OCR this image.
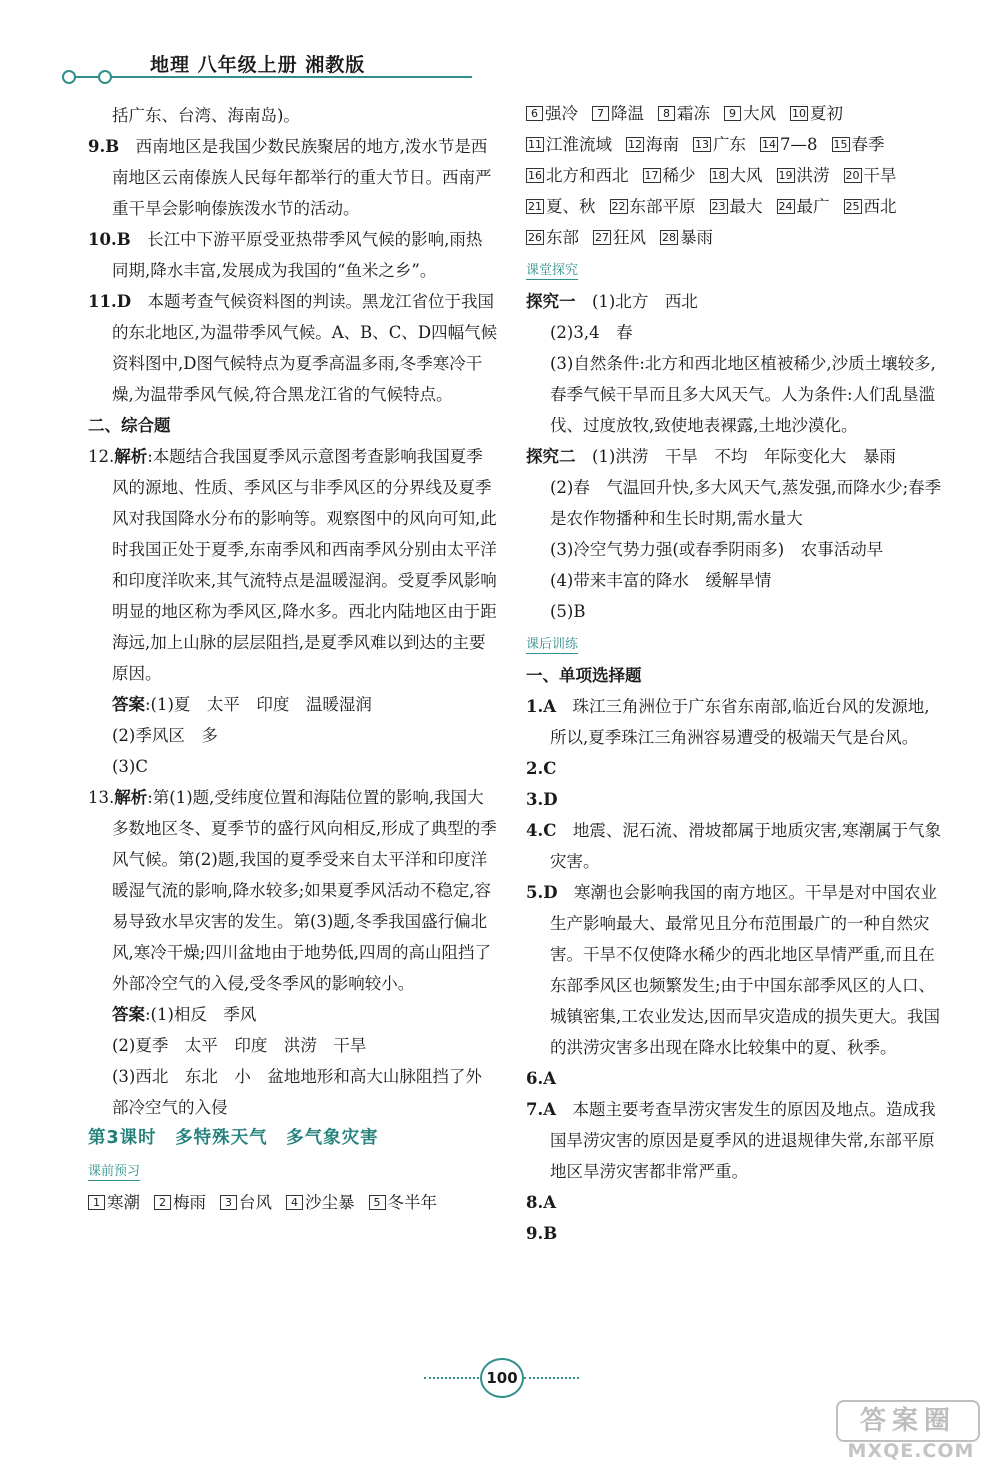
地理 八年级上册 湘教版

括广东、台湾、海南岛)。

9.B　西南地区是我国少数民族聚居的地方,泼水节是西南地区云南傣族人民每年都举行的重大节日。西南严重干旱会影响傣族泼水节的活动。

10.B　长江中下游平原受亚热带季风气候的影响,雨热同期,降水丰富,发展成为我国的“鱼米之乡”。

11.D　本题考查气候资料图的判读。黑龙江省位于我国的东北地区,为温带季风气候。A、B、C、D四幅气候资料图中,D图气候特点为夏季高温多雨,冬季寒冷干燥,为温带季风气候,符合黑龙江省的气候特点。

二、综合题

12.解析:本题结合我国夏季风示意图考查影响我国夏季风的源地、性质、季风区与非季风区的分界线及夏季风对我国降水分布的影响等。观察图中的风向可知,此时我国正处于夏季,东南季风和西南季风分别由太平洋和印度洋吹来,其气流特点是温暖湿润。受夏季风影响明显的地区称为季风区,降水多。西北内陆地区由于距海远,加上山脉的层层阻挡,是夏季风难以到达的主要原因。

答案:(1)夏　太平　印度　温暖湿润

(2)季风区　多

(3)C

13.解析:第(1)题,受纬度位置和海陆位置的影响,我国大多数地区冬、夏季节的盛行风向相反,形成了典型的季风气候。第(2)题,我国的夏季受来自太平洋和印度洋暖湿气流的影响,降水较多;如果夏季风活动不稳定,容易导致水旱灾害的发生。第(3)题,冬季我国盛行偏北风,寒冷干燥;四川盆地由于地势低,四周的高山阻挡了外部冷空气的入侵,受冬季风的影响较小。

答案:(1)相反　季风

(2)夏季　太平　印度　洪涝　干旱

(3)西北　东北　小　盆地地形和高大山脉阻挡了外部冷空气的入侵

第3课时　多特殊天气　多气象灾害

课前预习

1 寒潮 2 梅雨 3 台风 4 沙尘暴 5 冬半年

6 强冷 7 降温 8 霜冻 9 大风 10 夏初11 江淮流域 12 海南 13 广东 14 7—8 15 春季16 北方和西北 17 稀少 18 大风 19 洪涝 20 干旱21 夏、秋 22 东部平原 23 最大 24 最广 25 西北26 东部 27 狂风 28 暴雨

课堂探究

探究一　(1)北方　西北

(2)3,4　春

(3)自然条件:北方和西北地区植被稀少,沙质土壤较多,春季气候干旱而且多大风天气。人为条件:人们乱垦滥伐、过度放牧,致使地表裸露,土地沙漠化。

探究二　(1)洪涝　干旱　不均　年际变化大　暴雨

(2)春　气温回升快,多大风天气,蒸发强,而降水少;春季是农作物播种和生长时期,需水量大

(3)冷空气势力强(或春季阴雨多)　农事活动早

(4)带来丰富的降水　缓解旱情

(5)B

课后训练

一、单项选择题

1.A　珠江三角洲位于广东省东南部,临近台风的发源地,所以,夏季珠江三角洲容易遭受的极端天气是台风。

2.C

3.D

4.C　地震、泥石流、滑坡都属于地质灾害,寒潮属于气象灾害。

5.D　寒潮也会影响我国的南方地区。干旱是对中国农业生产影响最大、最常见且分布范围最广的一种自然灾害。干旱不仅使降水稀少的西北地区旱情严重,而且在东部季风区也频繁发生;由于中国东部季风区的人口、城镇密集,工农业发达,因而旱灾造成的损失更大。我国的洪涝灾害多出现在降水比较集中的夏、秋季。

6.A

7.A　本题主要考查旱涝灾害发生的原因及地点。造成我国旱涝灾害的原因是夏季风的进退规律失常,东部平原地区旱涝灾害都非常严重。

8.A

9.B

100
答案圈
MXQE.COM
